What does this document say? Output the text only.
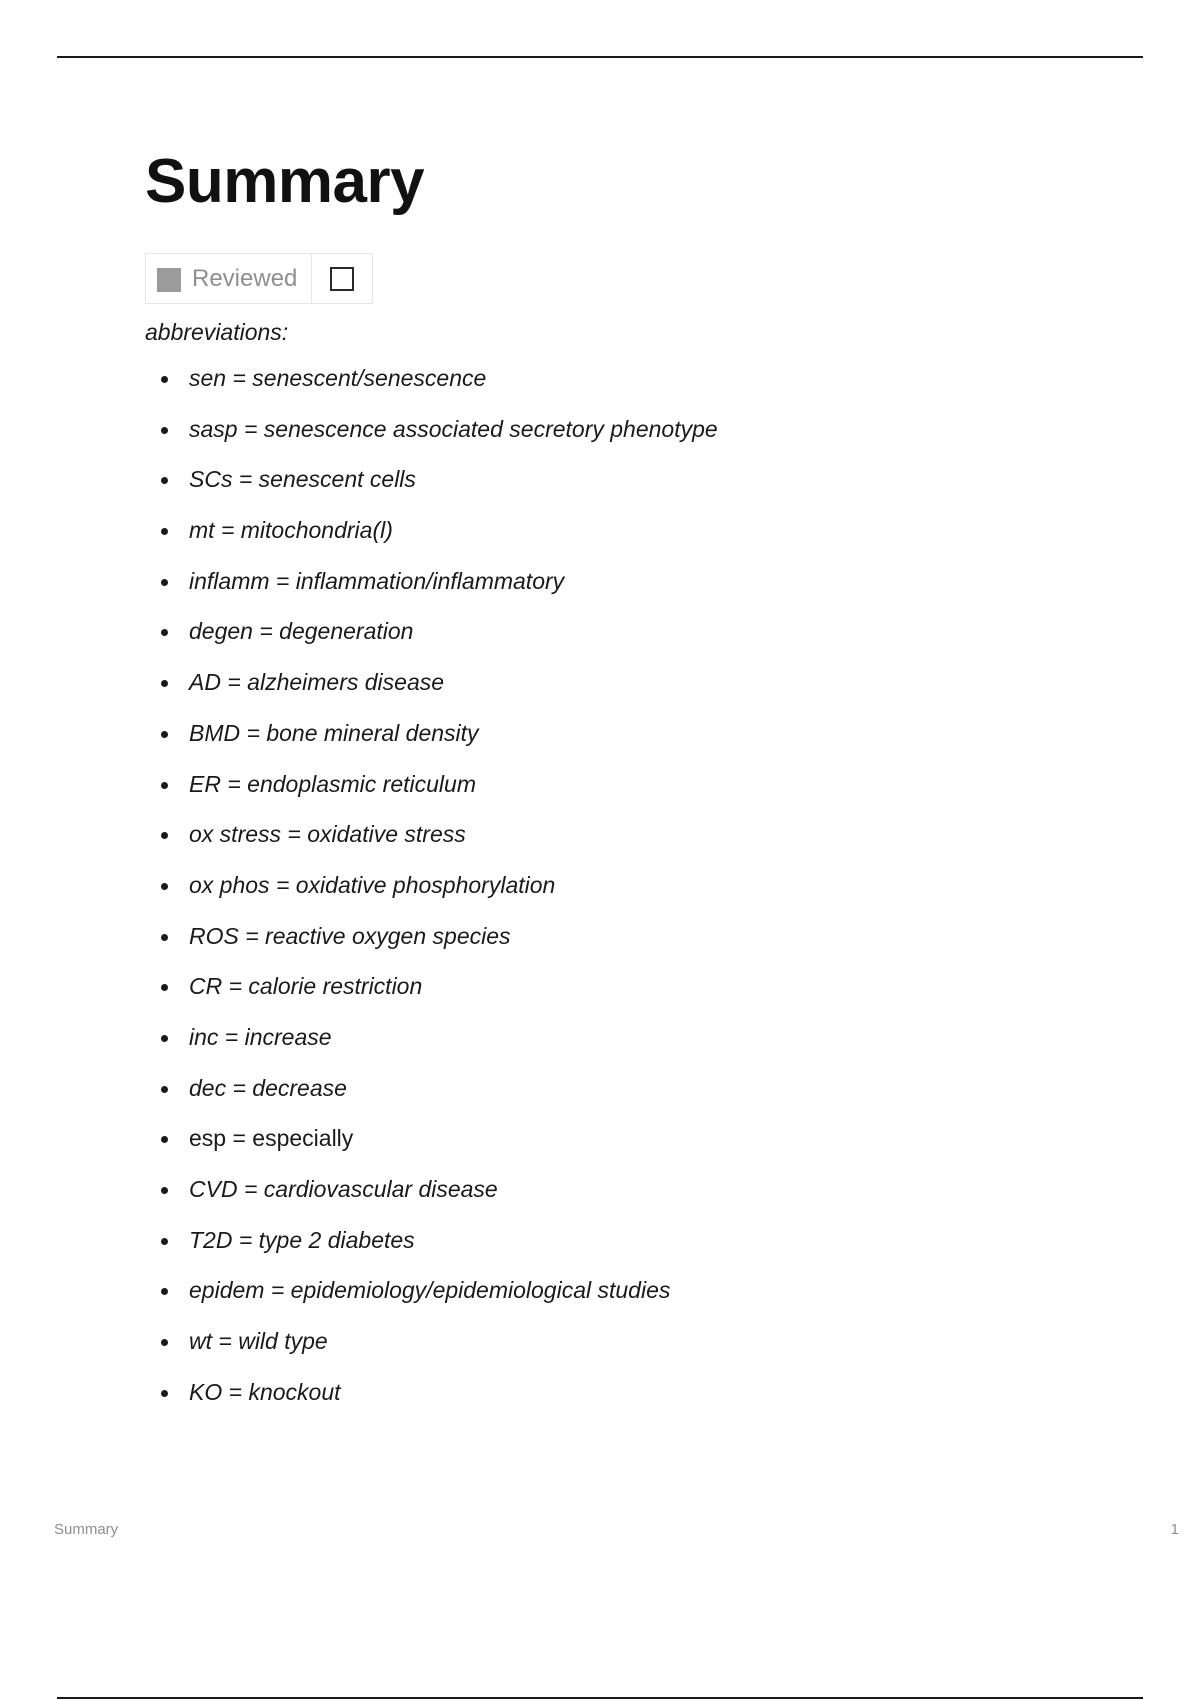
Summary
Reviewed

abbreviations:

sen = senescent/senescence
sasp = senescence associated secretory phenotype
SCs = senescent cells
mt = mitochondria(l)
inflamm = inflammation/inflammatory
degen = degeneration
AD = alzheimers disease
BMD = bone mineral density
ER = endoplasmic reticulum
ox stress = oxidative stress
ox phos = oxidative phosphorylation
ROS = reactive oxygen species
CR = calorie restriction
inc = increase
dec = decrease
esp = especially
CVD = cardiovascular disease
T2D = type 2 diabetes
epidem = epidemiology/epidemiological studies
wt = wild type
KO = knockout
Summary	1
